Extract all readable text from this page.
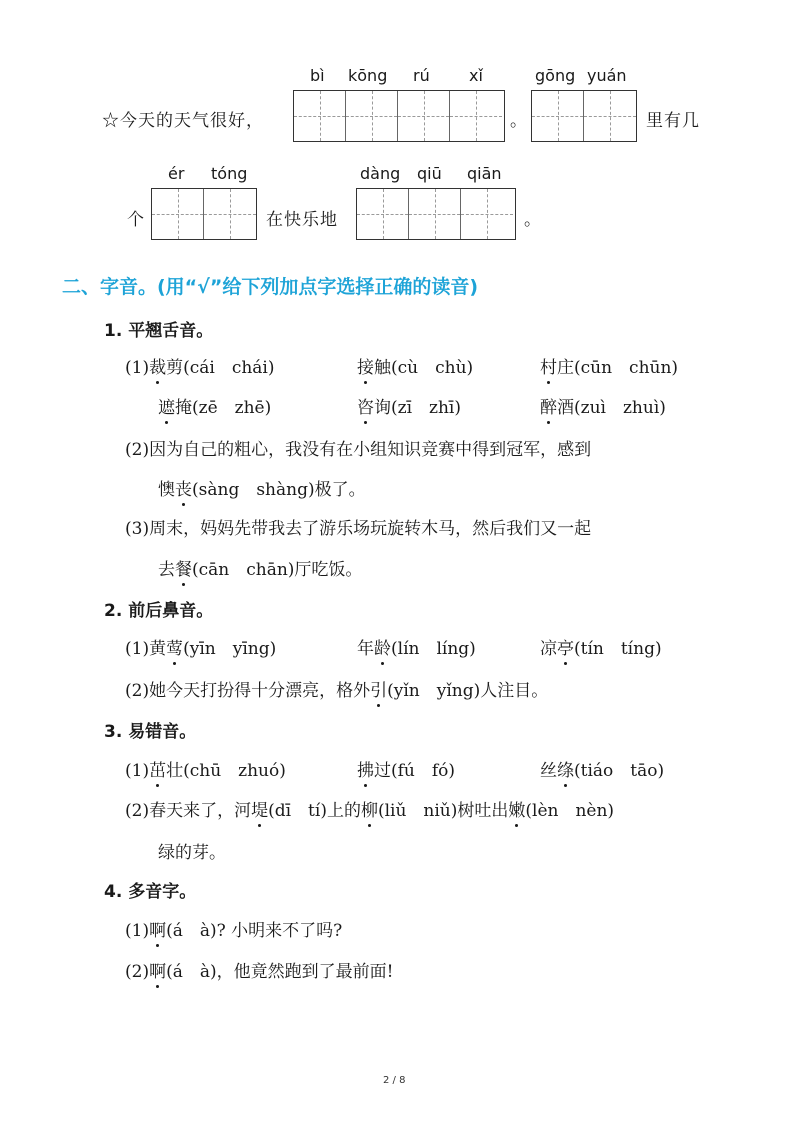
bì kōng rú xǐ	gōng yuán
☆今天的天气很好，	。	里有几
ér tóng	dàng qiū qiān
个	在快乐地	。
二、字音。(用“√”给下列加点字选择正确的读音)
1. 平翘舌音。
(1)裁剪(cái　chái)	接触(cù　chù)	村庄(cūn　chūn)
遮掩(zē　zhē)	咨询(zī　zhī)	醉酒(zuì　zhuì)
(2)因为自己的粗心，我没有在小组知识竞赛中得到冠军，感到
懊丧(sàng　shàng)极了。
(3)周末，妈妈先带我去了游乐场玩旋转木马，然后我们又一起
去餐(cān　chān)厅吃饭。
2. 前后鼻音。
(1)黄莺(yīn　yīng)	年龄(lín　líng)	凉亭(tín　tíng)
(2)她今天打扮得十分漂亮，格外引(yǐn　yǐng)人注目。
3. 易错音。
(1)茁壮(chū　zhuó)	拂过(fú　fó)	丝绦(tiáo　tāo)
(2)春天来了，河堤(dī　tí)上的柳(liǔ　niǔ)树吐出嫩(lèn　nèn)
绿的芽。
4. 多音字。
(1)啊(á　à)? 小明来不了吗?
(2)啊(á　à)，他竟然跑到了最前面!
2 / 8
